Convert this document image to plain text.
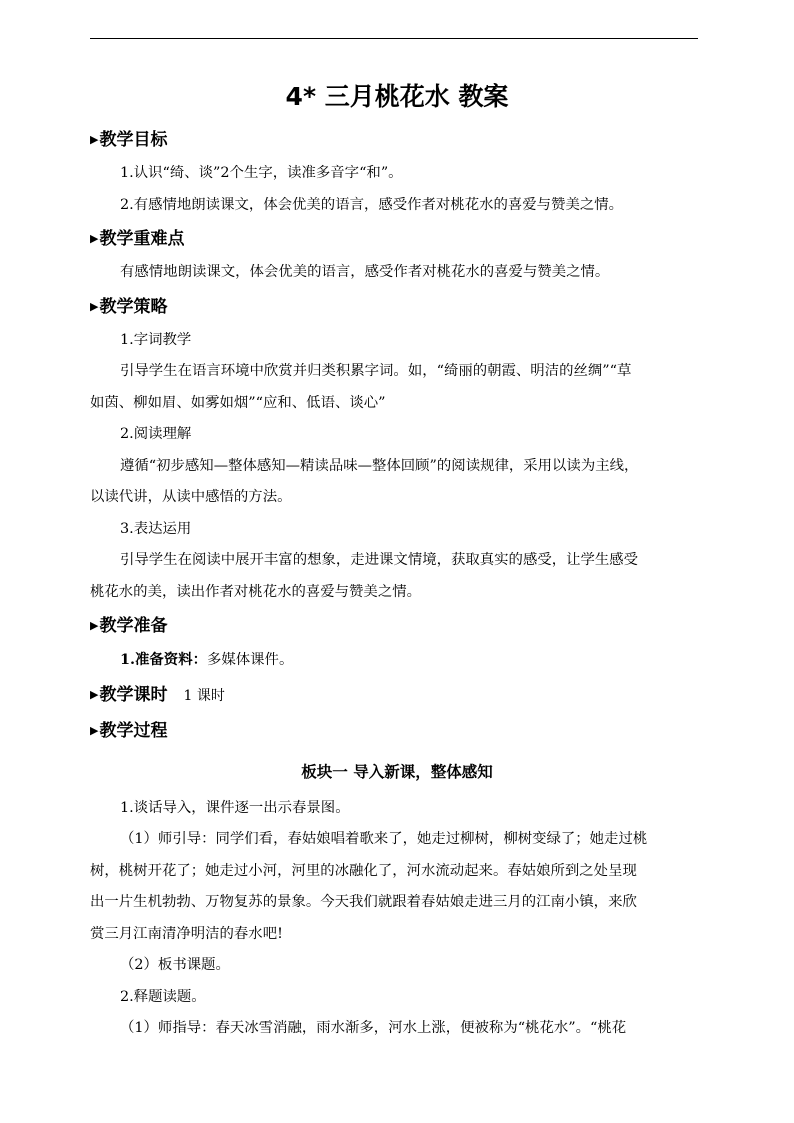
4* 三月桃花水 教案
▶教学目标

1.认识“绮、谈”2个生字，读准多音字“和”。

2.有感情地朗读课文，体会优美的语言，感受作者对桃花水的喜爱与赞美之情。

▶教学重难点

有感情地朗读课文，体会优美的语言，感受作者对桃花水的喜爱与赞美之情。

▶教学策略

1.字词教学

引导学生在语言环境中欣赏并归类积累字词。如，“绮丽的朝霞、明洁的丝绸”“草

如茵、柳如眉、如雾如烟”“应和、低语、谈心”

2.阅读理解

遵循“初步感知—整体感知—精读品味—整体回顾”的阅读规律，采用以读为主线，

以读代讲，从读中感悟的方法。

3.表达运用

引导学生在阅读中展开丰富的想象，走进课文情境，获取真实的感受，让学生感受

桃花水的美，读出作者对桃花水的喜爱与赞美之情。

▶教学准备

1.准备资料：多媒体课件。

▶教学课时 1 课时
▶教学过程
板块一 导入新课，整体感知

1.谈话导入，课件逐一出示春景图。

（1）师引导：同学们看，春姑娘唱着歌来了，她走过柳树，柳树变绿了；她走过桃

树，桃树开花了；她走过小河，河里的冰融化了，河水流动起来。春姑娘所到之处呈现

出一片生机勃勃、万物复苏的景象。今天我们就跟着春姑娘走进三月的江南小镇，来欣

赏三月江南清净明洁的春水吧!

（2）板书课题。

2.释题读题。

（1）师指导：春天冰雪消融，雨水渐多，河水上涨，便被称为“桃花水”。“桃花
